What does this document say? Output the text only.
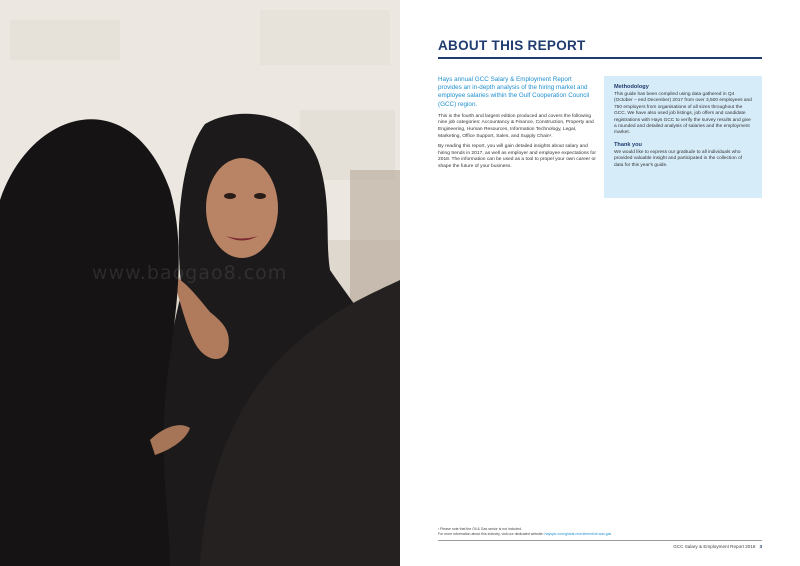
www.baogao8.com
ABOUT THIS REPORT

Hays annual GCC Salary & Employment Report provides an in-depth analysis of the hiring market and employee salaries within the Gulf Cooperation Council (GCC) region.

This is the fourth and largest edition produced and covers the following nine job categories: Accountancy & Finance, Construction, Property and Engineering, Human Resources, Information Technology, Legal, Marketing, Office Support, Sales, and Supply Chain¹.

By reading this report, you will gain detailed insights about salary and hiring trends in 2017, as well as employer and employee expectations for 2018. The information can be used as a tool to propel your own career or shape the future of your business.

Methodology

This guide has been compiled using data gathered in Q4 (October – end December) 2017 from over 3,500 employees and 750 employers from organisations of all sizes throughout the GCC. We have also used job listings, job offers and candidate registrations with Hays GCC to verify the survey results and give a rounded and detailed analysis of salaries and the employment market.

Thank you

We would like to express our gratitude to all individuals who provided valuable insight and participated in the collection of data for this year's guide.

¹ Please note that the Oil & Gas sector is not included.

For more information about this industry, visit our dedicated website: haysplc.com/global-recruitment/oil-and-gas

GCC Salary & Employment Report 2018 3
